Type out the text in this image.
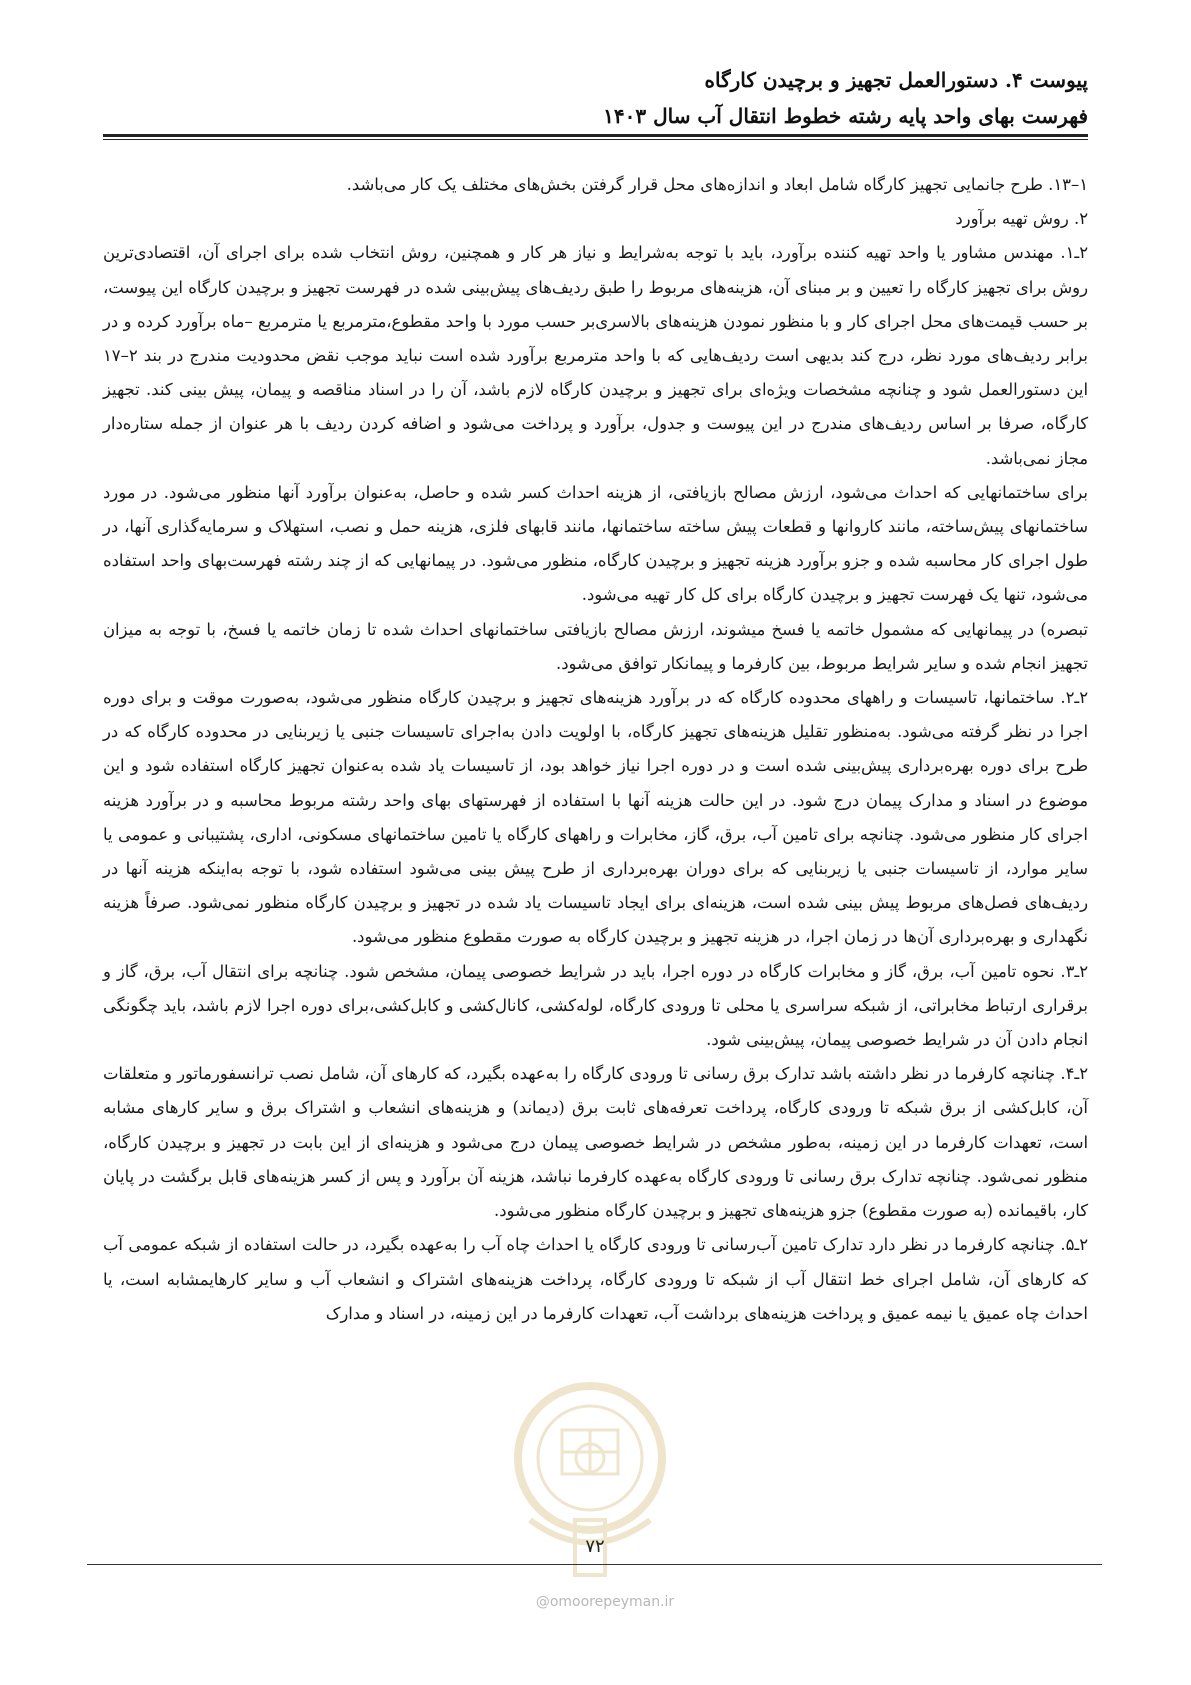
پیوست ۴. دستورالعمل تجهیز و برچیدن کارگاه
فهرست بهای واحد پایه رشته خطوط انتقال آب سال ۱۴۰۳

۱–۱۳. طرح جانمایی تجهیز کارگاه شامل ابعاد و اندازه‌های محل قرار گرفتن بخش‌های مختلف یک کار می‌باشد.

۲. روش تهیه برآورد

۲ـ۱. مهندس مشاور یا واحد تهیه کننده برآورد، باید با توجه به‌شرایط و نیاز هر کار و همچنین، روش انتخاب شده برای اجرای آن، اقتصادی‌ترین روش برای تجهیز کارگاه را تعیین و بر مبنای آن، هزینه‌های مربوط را طبق ردیف‌های پیش‌بینی شده در فهرست تجهیز و برچیدن کارگاه این پیوست، بر حسب قیمت‌های محل اجرای کار و با منظور نمودن هزینه‌های بالاسری‌بر حسب مورد با واحد مقطوع،مترمربع یا مترمربع –ماه برآورد کرده و در برابر ردیف‌های مورد نظر، درج کند بدیهی است ردیف‌هایی که با واحد مترمربع برآورد شده است نباید موجب نقض محدودیت مندرج در بند ۲–۱۷ این دستورالعمل شود و چنانچه مشخصات ویژه‌ای برای تجهیز و برچیدن کارگاه لازم باشد، آن را در اسناد مناقصه و پیمان، پیش بینی کند. تجهیز کارگاه، صرفا بر اساس ردیف‌های مندرج در این پیوست و جدول، برآورد و پرداخت می‌شود و اضافه کردن ردیف با هر عنوان از جمله ستاره‌دار مجاز نمی‌باشد.

برای ساختمانهایی که احداث می‌شود، ارزش مصالح بازیافتی، از هزینه احداث کسر شده و حاصل، به‌عنوان برآورد آنها منظور می‌شود. در مورد ساختمانهای پیش‌ساخته، مانند کاروانها و قطعات پیش ساخته ساختمانها، مانند قابهای فلزی، هزینه حمل و نصب، استهلاک و سرمایه‌گذاری آنها، در طول اجرای کار محاسبه شده و جزو برآورد هزینه تجهیز و برچیدن کارگاه، منظور می‌شود. در پیمانهایی که از چند رشته فهرست‌بهای واحد استفاده می‌شود، تنها یک فهرست تجهیز و برچیدن کارگاه برای کل کار تهیه می‌شود.

تبصره) در پیمانهایی که مشمول خاتمه یا فسخ میشوند، ارزش مصالح بازیافتی ساختمانهای احداث شده تا زمان خاتمه یا فسخ، با توجه به میزان تجهیز انجام شده و سایر شرایط مربوط، بین کارفرما و پیمانکار توافق می‌شود.

۲ـ۲. ساختمانها، تاسیسات و راههای محدوده کارگاه که در برآورد هزینه‌های تجهیز و برچیدن کارگاه منظور می‌شود، به‌صورت موقت و برای دوره اجرا در نظر گرفته می‌شود. به‌منظور تقلیل هزینه‌های تجهیز کارگاه، با اولویت دادن به‌اجرای تاسیسات جنبی یا زیربنایی در محدوده کارگاه که در طرح برای دوره بهره‌برداری پیش‌بینی شده است و در دوره اجرا نیاز خواهد بود، از تاسیسات یاد شده به‌عنوان تجهیز کارگاه استفاده شود و این موضوع در اسناد و مدارک پیمان درج شود. در این حالت هزینه آنها با استفاده از فهرستهای بهای واحد رشته مربوط محاسبه و در برآورد هزینه اجرای کار منظور می‌شود. چنانچه برای تامین آب، برق، گاز، مخابرات و راههای کارگاه یا تامین ساختمانهای مسکونی، اداری، پشتیبانی و عمومی یا سایر موارد، از تاسیسات جنبی یا زیربنایی که برای دوران بهره‌برداری از طرح پیش بینی می‌شود استفاده شود، با توجه به‌اینکه هزینه آنها در ردیف‌های فصل‌های مربوط پیش بینی شده است، هزینه‌ای برای ایجاد تاسیسات یاد شده در تجهیز و برچیدن کارگاه منظور نمی‌شود. صرفاً هزینه نگهداری و بهره‌برداری آن‌ها در زمان اجرا، در هزینه تجهیز و برچیدن کارگاه به صورت مقطوع منظور می‌شود.

۲ـ۳. نحوه تامین آب، برق، گاز و مخابرات کارگاه در دوره اجرا، باید در شرایط خصوصی پیمان، مشخص شود. چنانچه برای انتقال آب، برق، گاز و برقراری ارتباط مخابراتی، از شبکه سراسری یا محلی تا ورودی کارگاه، لوله‌کشی، کانال‌کشی و کابل‌کشی،برای دوره اجرا لازم باشد، باید چگونگی انجام دادن آن در شرایط خصوصی پیمان، پیش‌بینی شود.

۲ـ۴. چنانچه کارفرما در نظر داشته باشد تدارک برق رسانی تا ورودی کارگاه را به‌عهده بگیرد، که کارهای آن، شامل نصب ترانسفورماتور و متعلقات آن، کابل‌کشی از برق شبکه تا ورودی کارگاه، پرداخت تعرفه‌های ثابت برق (دیماند) و هزینه‌های انشعاب و اشتراک برق و سایر کارهای مشابه است، تعهدات کارفرما در این زمینه، به‌طور مشخص در شرایط خصوصی پیمان درج می‌شود و هزینه‌ای از این بابت در تجهیز و برچیدن کارگاه، منظور نمی‌شود. چنانچه تدارک برق رسانی تا ورودی کارگاه به‌عهده کارفرما نباشد، هزینه آن برآورد و پس از کسر هزینه‌های قابل برگشت در پایان کار، باقیمانده (به صورت مقطوع) جزو هزینه‌های تجهیز و برچیدن کارگاه منظور می‌شود.

۲ـ۵. چنانچه کارفرما در نظر دارد تدارک تامین آب‌رسانی تا ورودی کارگاه یا احداث چاه آب را به‌عهده بگیرد، در حالت استفاده از شبکه عمومی آب که کارهای آن، شامل اجرای خط انتقال آب از شبکه تا ورودی کارگاه، پرداخت هزینه‌های اشتراک و انشعاب آب و سایر کارهایمشابه است، یا احداث چاه عمیق یا نیمه عمیق و پرداخت هزینه‌های برداشت آب، تعهدات کارفرما در این زمینه، در اسناد و مدارک

۷۲
@omoorepeyman.ir
